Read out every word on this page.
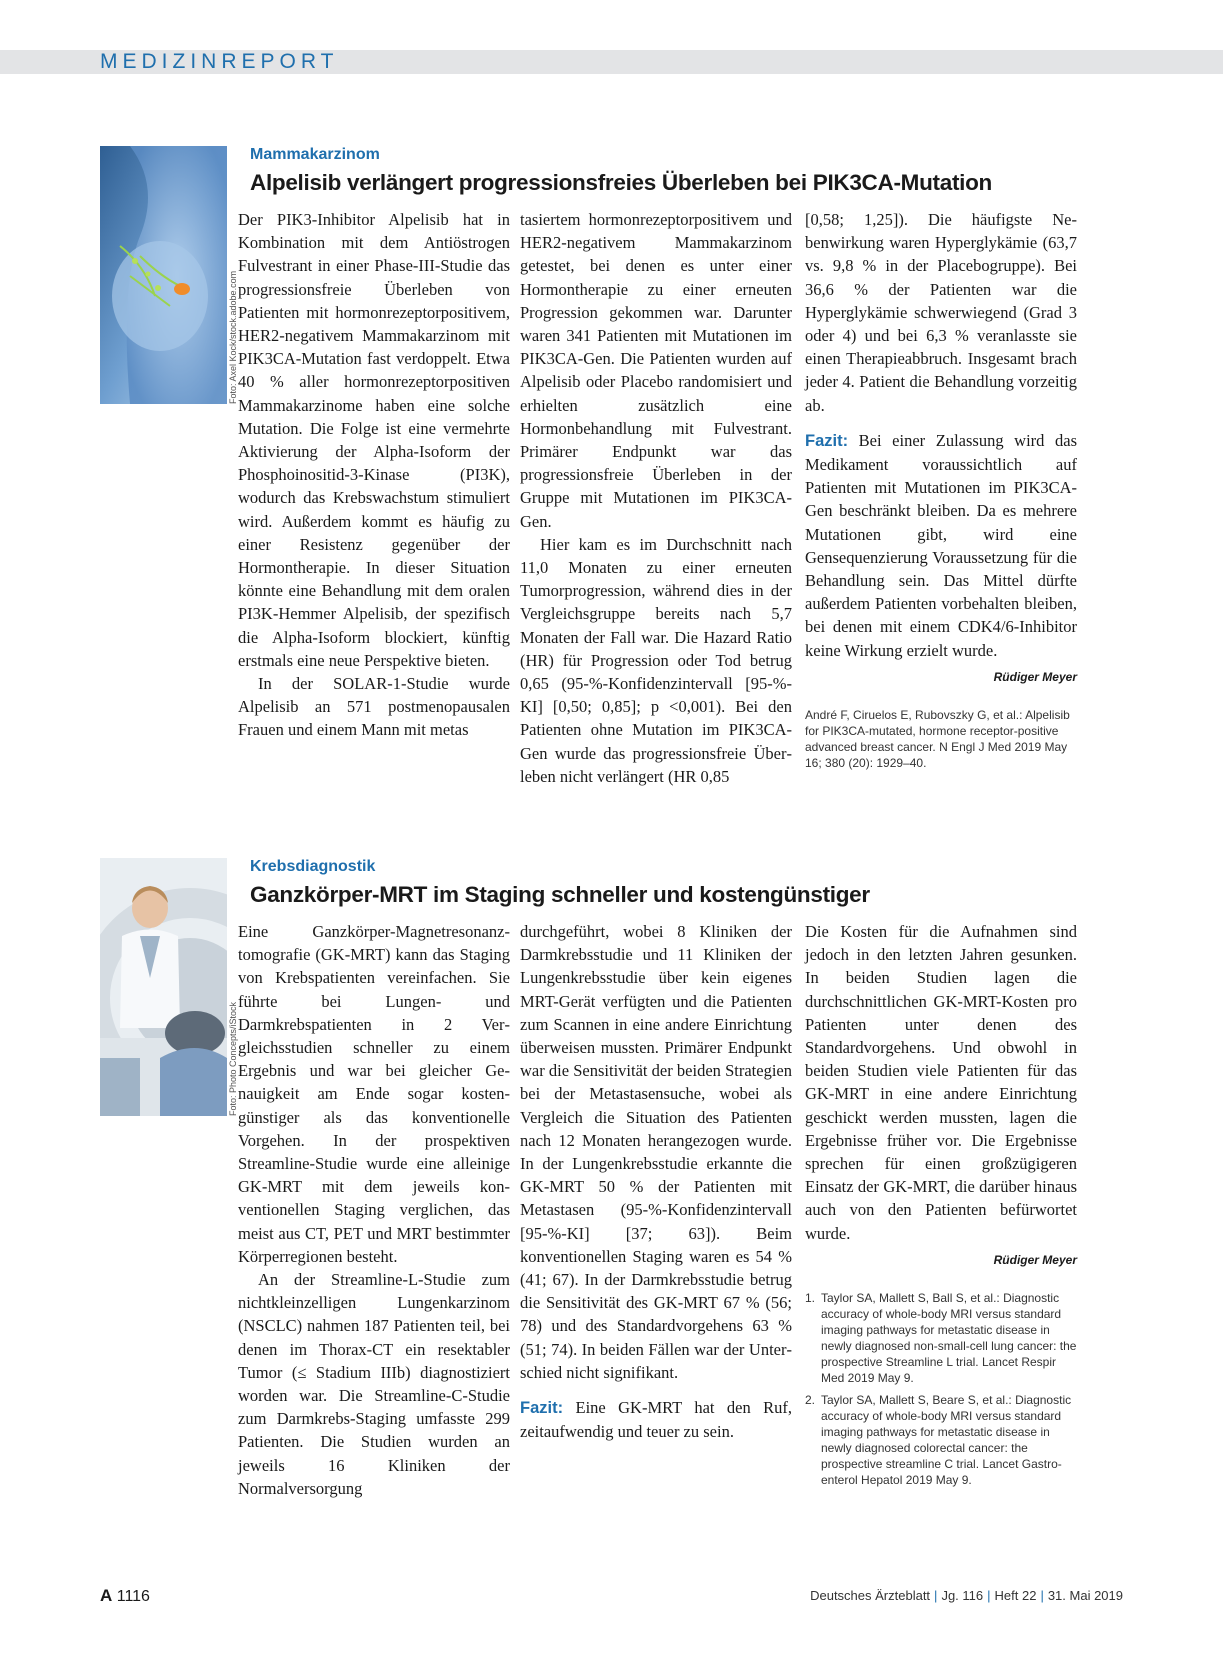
MEDIZINREPORT
Foto: Axel Kock/stock.adobe.com
Mammakarzinom
Alpelisib verlängert progressionsfreies Überleben bei PIK3CA-Mutation

Der PIK3-Inhibitor Alpelisib hat in Kombination mit dem Antiöstrogen Fulvestrant in einer Phase-III-Studie das progressionsfreie Überleben von Patienten mit hormonrezeptorpositivem, HER2-negativem Mammakarzinom mit PIK3CA-Mutation fast verdoppelt. Etwa 40 % aller hormonrezeptorpositiven Mammakarzinome haben eine solche Mutation. Die Folge ist eine vermehrte Aktivierung der Alpha-Isoform der Phosphoinositid-3-Kinase (PI3K), wodurch das Krebswachstum stimuliert wird. Außerdem kommt es häufig zu einer Resistenz gegenüber der Hormontherapie. In dieser Situation könnte eine Behandlung mit dem oralen PI3K-Hemmer Alpelisib, der spezifisch die Alpha-Isoform blockiert, künftig erstmals eine neue Perspektive bieten.

In der SOLAR-1-Studie wurde Alpelisib an 571 postmenopausalen Frauen und einem Mann mit metas

tasiertem hormonrezeptorpositivem und HER2-negativem Mammakarzinom getestet, bei denen es unter einer Hormontherapie zu einer erneuten Progression gekommen war. Darunter waren 341 Patienten mit Mutationen im PIK3CA-Gen. Die Patienten wurden auf Alpelisib oder Placebo randomisiert und erhielten zusätzlich eine Hormonbehandlung mit Fulvestrant. Primärer Endpunkt war das progressionsfreie Überleben in der Gruppe mit Mutationen im PIK3CA-Gen.

Hier kam es im Durchschnitt nach 11,0 Monaten zu einer erneuten Tumorprogression, während dies in der Vergleichsgruppe bereits nach 5,7 Monaten der Fall war. Die Hazard Ratio (HR) für Progression oder Tod betrug 0,65 (95-%-Konfidenzintervall [95-%-KI] [0,50; 0,85]; p <0,001). Bei den Patienten ohne Mutation im PIK3CA-Gen wurde das progressionsfreie Überleben nicht verlängert (HR 0,85

[0,58; 1,25]). Die häufigste Nebenwirkung waren Hyperglykämie (63,7 vs. 9,8 % in der Placebogruppe). Bei 36,6 % der Patienten war die Hyperglykämie schwerwiegend (Grad 3 oder 4) und bei 6,3 % veranlasste sie einen Therapieabbruch. Insgesamt brach jeder 4. Patient die Behandlung vorzeitig ab.

Fazit: Bei einer Zulassung wird das Medikament voraussichtlich auf Patienten mit Mutationen im PIK3CA-Gen beschränkt bleiben. Da es mehrere Mutationen gibt, wird eine Gensequenzierung Voraussetzung für die Behandlung sein. Das Mittel dürfte außerdem Patienten vorbehalten bleiben, bei denen mit einem CDK4/6-Inhibitor keine Wirkung erzielt wurde.

Rüdiger Meyer
André F, Ciruelos E, Rubovszky G, et al.: Alpelisib for PIK3CA-mutated, hormone receptor-positive advanced breast cancer. N Engl J Med 2019 May 16; 380 (20): 1929–40.
Foto: Photo Concepts/iStock
Krebsdiagnostik
Ganzkörper-MRT im Staging schneller und kostengünstiger

Eine Ganzkörper-Magnetresonanztomografie (GK-MRT) kann das Staging von Krebspatienten vereinfachen. Sie führte bei Lungen- und Darmkrebspatienten in 2 Vergleichsstudien schneller zu einem Ergebnis und war bei gleicher Genauigkeit am Ende sogar kostengünstiger als das konventionelle Vorgehen. In der prospektiven Streamline-Studie wurde eine alleinige GK-MRT mit dem jeweils konventionellen Staging verglichen, das meist aus CT, PET und MRT bestimmter Körperregionen besteht.

An der Streamline-L-Studie zum nichtkleinzelligen Lungenkarzinom (NSCLC) nahmen 187 Patienten teil, bei denen im Thorax-CT ein resektabler Tumor (≤ Stadium IIIb) diagnostiziert worden war. Die Streamline-C-Studie zum Darmkrebs-Staging umfasste 299 Patienten. Die Studien wurden an jeweils 16 Kliniken der Normalversorgung

durchgeführt, wobei 8 Kliniken der Darmkrebsstudie und 11 Kliniken der Lungenkrebsstudie über kein eigenes MRT-Gerät verfügten und die Patienten zum Scannen in eine andere Einrichtung überweisen mussten. Primärer Endpunkt war die Sensitivität der beiden Strategien bei der Metastasensuche, wobei als Vergleich die Situation des Patienten nach 12 Monaten herangezogen wurde. In der Lungenkrebsstudie erkannte die GK-MRT 50 % der Patienten mit Metastasen (95-%-Konfidenzintervall [95-%-KI] [37; 63]). Beim konventionellen Staging waren es 54 % (41; 67). In der Darmkrebsstudie betrug die Sensitivität des GK-MRT 67 % (56; 78) und des Standardvorgehens 63 % (51; 74). In beiden Fällen war der Unterschied nicht signifikant.

Fazit: Eine GK-MRT hat den Ruf, zeitaufwendig und teuer zu sein.

Die Kosten für die Aufnahmen sind jedoch in den letzten Jahren gesunken. In beiden Studien lagen die durchschnittlichen GK-MRT-Kosten pro Patienten unter denen des Standardvorgehens. Und obwohl in beiden Studien viele Patienten für das GK-MRT in eine andere Einrichtung geschickt werden mussten, lagen die Ergebnisse früher vor. Die Ergebnisse sprechen für einen großzügigeren Einsatz der GK-MRT, die darüber hinaus auch von den Patienten befürwortet wurde.

Rüdiger Meyer
1. Taylor SA, Mallett S, Ball S, et al.: Diagnostic accuracy of whole-body MRI versus standard imaging pathways for metastatic disease in newly diagnosed non-small-cell lung cancer: the prospective Streamline L trial. Lancet Respir Med 2019 May 9.
2. Taylor SA, Mallett S, Beare S, et al.: Diagnostic accuracy of whole-body MRI versus standard imaging pathways for metastatic disease in newly diagnosed colorectal cancer: the prospective streamline C trial. Lancet Gastroenterol Hepatol 2019 May 9.
A 1116	Deutsches Ärzteblatt | Jg. 116 | Heft 22 | 31. Mai 2019
